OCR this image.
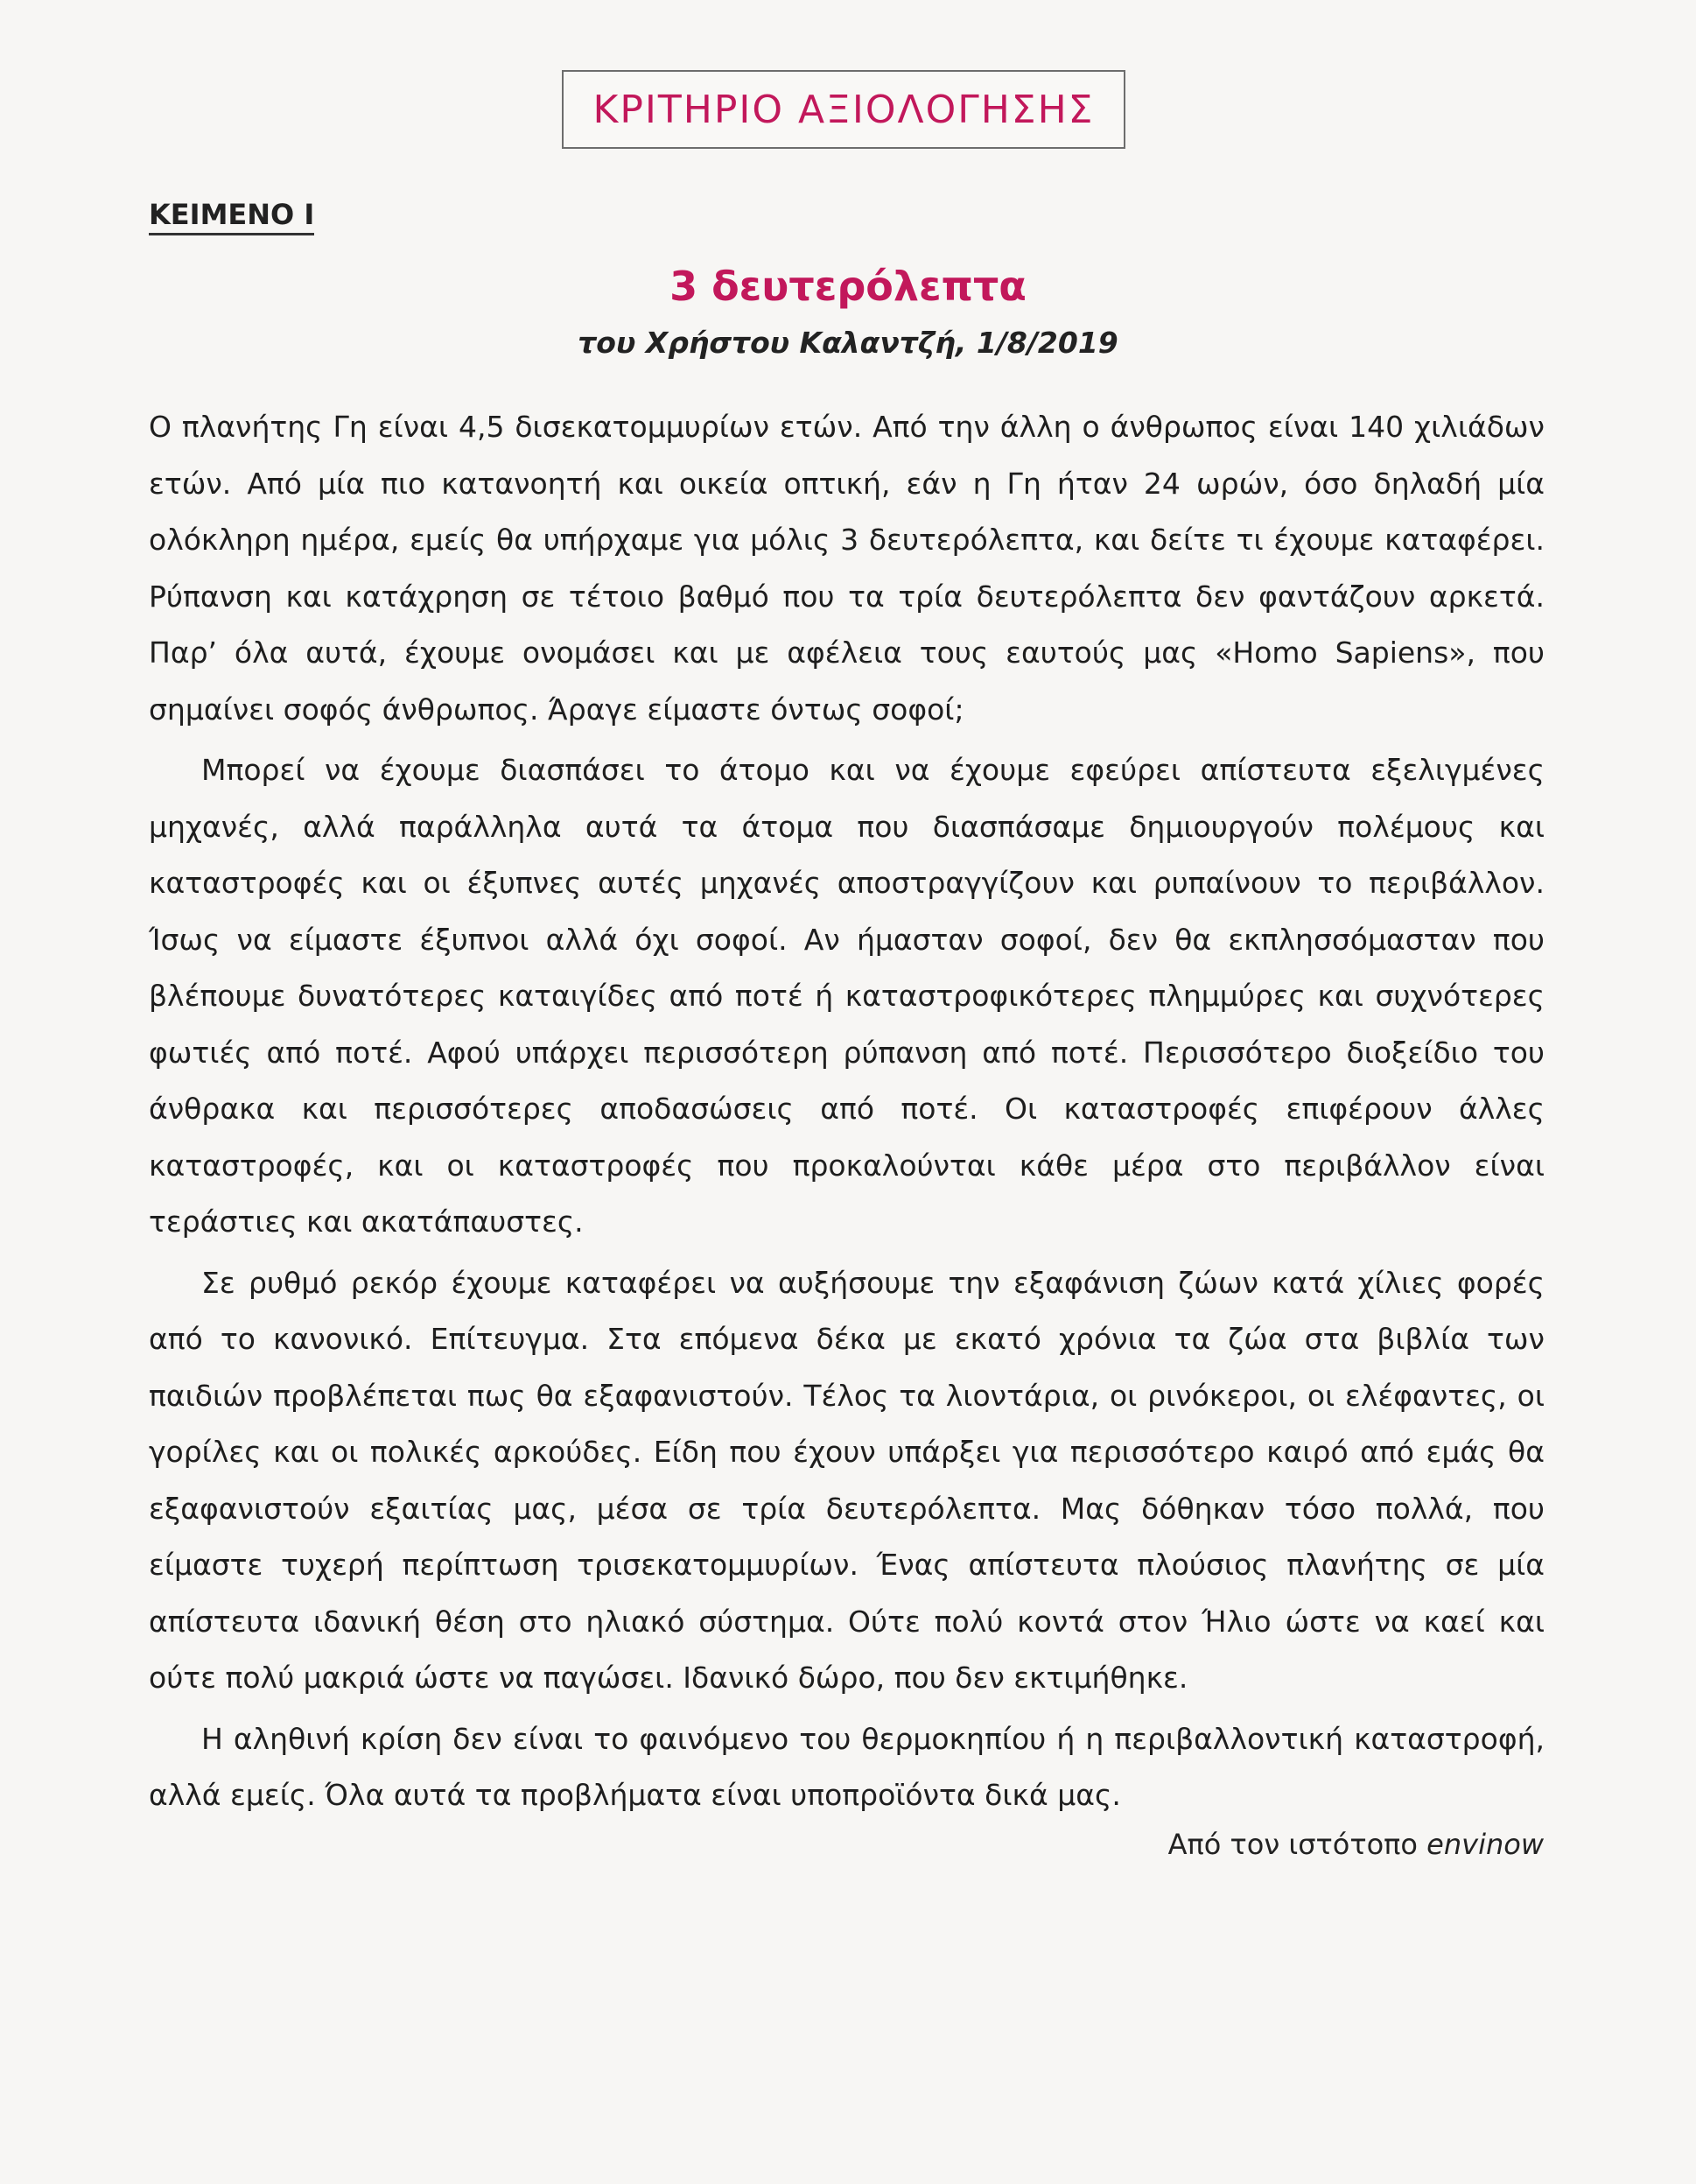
ΚΡΙΤΗΡΙΟ ΑΞΙΟΛΟΓΗΣΗΣ
ΚΕΙΜΕΝΟ Ι
3 δευτερόλεπτα
του Χρήστου Καλαντζή, 1/8/2019

Ο πλανήτης Γη είναι 4,5 δισεκατομμυρίων ετών. Από την άλλη ο άνθρωπος είναι 140 χιλιάδων ετών. Από μία πιο κατανοητή και οικεία οπτική, εάν η Γη ήταν 24 ωρών, όσο δηλαδή μία ολόκληρη ημέρα, εμείς θα υπήρχαμε για μόλις 3 δευτερόλεπτα, και δείτε τι έχουμε καταφέρει. Ρύπανση και κατάχρηση σε τέτοιο βαθμό που τα τρία δευτερόλεπτα δεν φαντάζουν αρκετά. Παρ’ όλα αυτά, έχουμε ονομάσει και με αφέλεια τους εαυτούς μας «Homo Sapiens», που σημαίνει σοφός άνθρωπος. Άραγε είμαστε όντως σοφοί;

Μπορεί να έχουμε διασπάσει το άτομο και να έχουμε εφεύρει απίστευτα εξελιγμένες μηχανές, αλλά παράλληλα αυτά τα άτομα που διασπάσαμε δημιουργούν πολέμους και καταστροφές και οι έξυπνες αυτές μηχανές αποστραγγίζουν και ρυπαίνουν το περιβάλλον. Ίσως να είμαστε έξυπνοι αλλά όχι σοφοί. Αν ήμασταν σοφοί, δεν θα εκπλησσόμασταν που βλέπουμε δυνατότερες καταιγίδες από ποτέ ή καταστροφικότερες πλημμύρες και συχνότερες φωτιές από ποτέ. Αφού υπάρχει περισσότερη ρύπανση από ποτέ. Περισσότερο διοξείδιο του άνθρακα και περισσότερες αποδασώσεις από ποτέ. Οι καταστροφές επιφέρουν άλλες καταστροφές, και οι καταστροφές που προκαλούνται κάθε μέρα στο περιβάλλον είναι τεράστιες και ακατάπαυστες.

Σε ρυθμό ρεκόρ έχουμε καταφέρει να αυξήσουμε την εξαφάνιση ζώων κατά χίλιες φορές από το κανονικό. Επίτευγμα. Στα επόμενα δέκα με εκατό χρόνια τα ζώα στα βιβλία των παιδιών προβλέπεται πως θα εξαφανιστούν. Τέλος τα λιοντάρια, οι ρινόκεροι, οι ελέφαντες, οι γορίλες και οι πολικές αρκούδες. Είδη που έχουν υπάρξει για περισσότερο καιρό από εμάς θα εξαφανιστούν εξαιτίας μας, μέσα σε τρία δευτερόλεπτα. Μας δόθηκαν τόσο πολλά, που είμαστε τυχερή περίπτωση τρισεκατομμυρίων. Ένας απίστευτα πλούσιος πλανήτης σε μία απίστευτα ιδανική θέση στο ηλιακό σύστημα. Ούτε πολύ κοντά στον Ήλιο ώστε να καεί και ούτε πολύ μακριά ώστε να παγώσει. Ιδανικό δώρο, που δεν εκτιμήθηκε.

Η αληθινή κρίση δεν είναι το φαινόμενο του θερμοκηπίου ή η περιβαλλοντική καταστροφή, αλλά εμείς. Όλα αυτά τα προβλήματα είναι υποπροϊόντα δικά μας.

Από τον ιστότοπο envinow
